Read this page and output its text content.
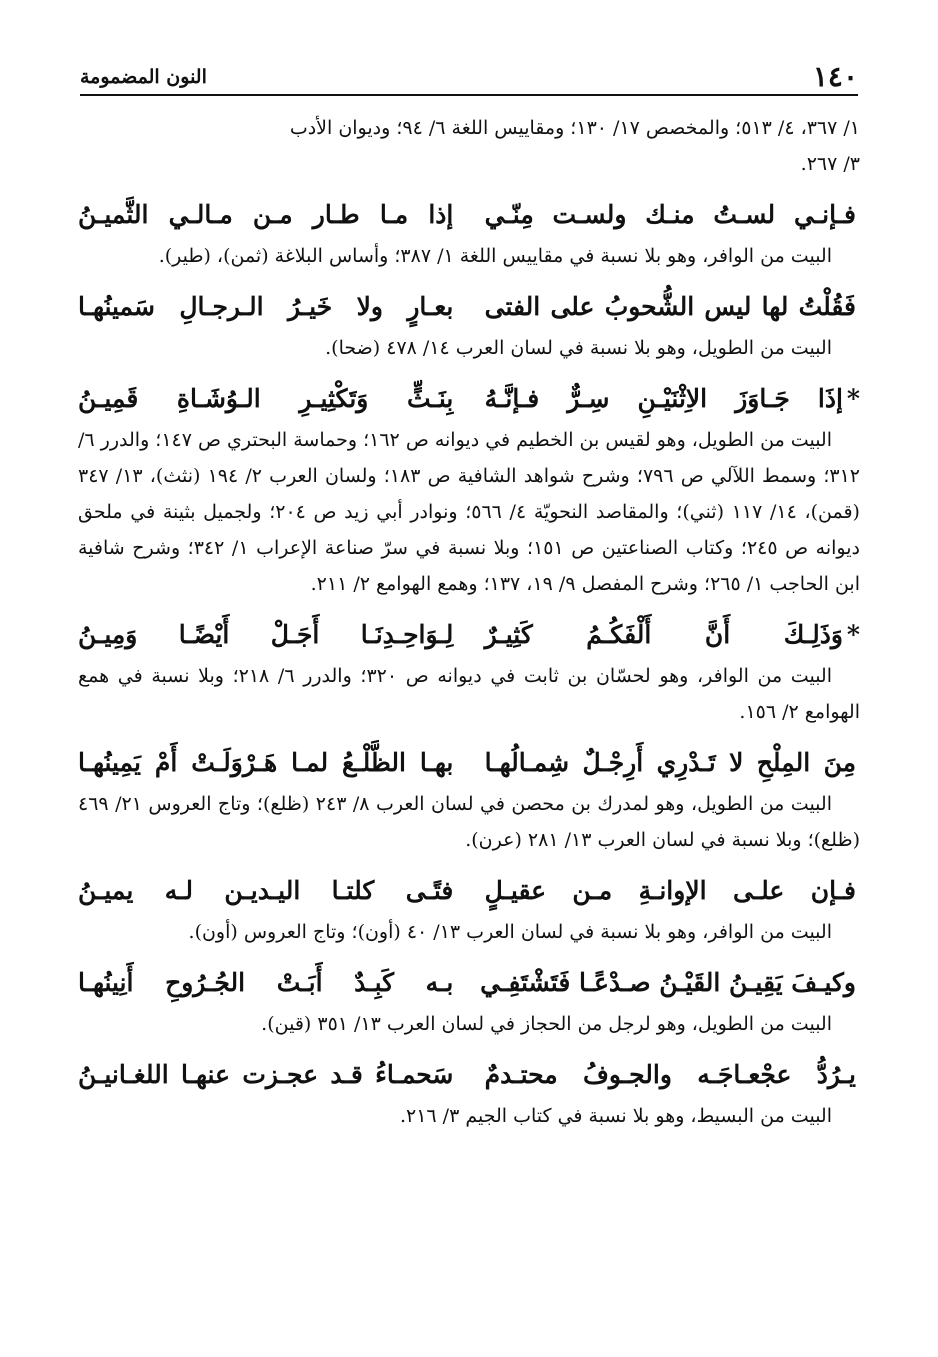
١٤٠
النون المضمومة

١/ ٣٦٧، ٤/ ٥١٣؛ والمخصص ١٧/ ١٣٠؛ ومقاييس اللغة ٦/ ٩٤؛ وديوان الأدب
٣/ ٢٦٧.

فـإنـي لسـتُ منـك ولسـت مِنّـي
إذا مـا طـار مـن مـالـي الثَّميـنُ

البيت من الوافر، وهو بلا نسبة في مقاييس اللغة ١/ ٣٨٧؛ وأساس البلاغة (ثمن)، (طير).

فَقُلْتُ لها ليس الشُّحوبُ على الفتى
بعـارٍ ولا خَيـرُ الـرجـالِ سَمينُهـا

البيت من الطويل، وهو بلا نسبة في لسان العرب ١٤/ ٤٧٨ (ضحا).

*إذَا جَـاوَزَ الاِثْنَيْـنِ سِـرٌّ فـإنَّـهُ
بِنَـثٍّ وَتَكْثِيـرِ الـوُشَـاةِ قَمِيـنُ

البيت من الطويل، وهو لقيس بن الخطيم في ديوانه ص ١٦٢؛ وحماسة البحتري ص ١٤٧؛ والدرر ٦/ ٣١٢؛ وسمط اللآلي ص ٧٩٦؛ وشرح شواهد الشافية ص ١٨٣؛ ولسان العرب ٢/ ١٩٤ (نثث)، ١٣/ ٣٤٧ (قمن)، ١٤/ ١١٧ (ثني)؛ والمقاصد النحويّة ٤/ ٥٦٦؛ ونوادر أبي زيد ص ٢٠٤؛ ولجميل بثينة في ملحق ديوانه ص ٢٤٥؛ وكتاب الصناعتين ص ١٥١؛ وبلا نسبة في سرّ صناعة الإعراب ١/ ٣٤٢؛ وشرح شافية ابن الحاجب ١/ ٢٦٥؛ وشرح المفصل ٩/ ١٩، ١٣٧؛ وهمع الهوامع ٢/ ٢١١.

*وَذَلِـكَ أَنَّ أَلْفَكُـمُ كَثِيـرٌ
لِـوَاحِـدِنَـا أَجَـلْ أَيْضًـا وَمِيـنُ

البيت من الوافر، وهو لحسّان بن ثابت في ديوانه ص ٣٢٠؛ والدرر ٦/ ٢١٨؛ وبلا نسبة في همع الهوامع ٢/ ١٥٦.

مِنَ المِلْحِ لا تَـدْرِي أَرِجْـلٌ شِمـالُهـا
بهـا الظَّلْـعُ لمـا هَـرْوَلَـتْ أَمْ يَمِينُهـا

البيت من الطويل، وهو لمدرك بن محصن في لسان العرب ٨/ ٢٤٣ (ظلع)؛ وتاج العروس ٢١/ ٤٦٩ (ظلع)؛ وبلا نسبة في لسان العرب ١٣/ ٢٨١ (عرن).

فـإن علـى الإوانـةِ مـن عقيـلٍ
فتًـى كلتـا اليـديـن لـه يميـنُ

البيت من الوافر، وهو بلا نسبة في لسان العرب ١٣/ ٤٠ (أون)؛ وتاج العروس (أون).

وكيـفَ يَقِيـنُ القَيْـنُ صـدْعًـا فَتَشْتَفِـي
بـه كَبِـدٌ أَبَـتْ الجُـرُوحِ أَنِينُهـا

البيت من الطويل، وهو لرجل من الحجاز في لسان العرب ١٣/ ٣٥١ (قين).

يـرُدُّ عجْعـاجَـه والجـوفُ محتـدمٌ
سَحمـاءُ قـد عجـزت عنهـا اللغـانيـنُ

البيت من البسيط، وهو بلا نسبة في كتاب الجيم ٣/ ٢١٦.
